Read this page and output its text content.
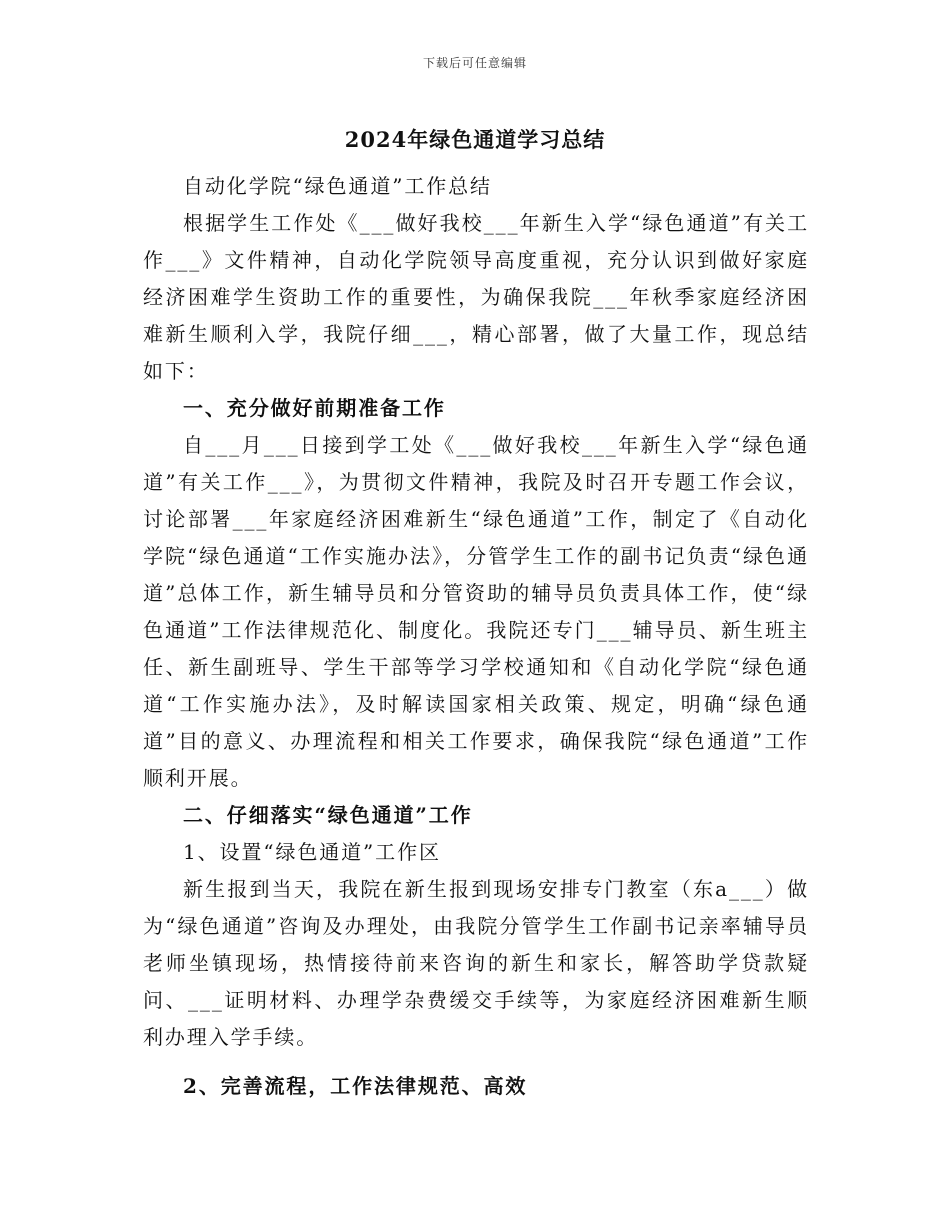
下载后可任意编辑
2024年绿色通道学习总结

自动化学院“绿色通道”工作总结

根据学生工作处《___做好我校___年新生入学“绿色通道”有关工作___》文件精神，自动化学院领导高度重视，充分认识到做好家庭经济困难学生资助工作的重要性，为确保我院___年秋季家庭经济困难新生顺利入学，我院仔细___，精心部署，做了大量工作，现总结如下：

一、充分做好前期准备工作

自___月___日接到学工处《___做好我校___年新生入学“绿色通道”有关工作___》，为贯彻文件精神，我院及时召开专题工作会议，讨论部署___年家庭经济困难新生“绿色通道”工作，制定了《自动化学院“绿色通道“工作实施办法》，分管学生工作的副书记负责“绿色通道”总体工作，新生辅导员和分管资助的辅导员负责具体工作，使“绿色通道”工作法律规范化、制度化。我院还专门___辅导员、新生班主任、新生副班导、学生干部等学习学校通知和《自动化学院“绿色通道“工作实施办法》，及时解读国家相关政策、规定，明确“绿色通道”目的意义、办理流程和相关工作要求，确保我院“绿色通道”工作顺利开展。

二、仔细落实“绿色通道”工作

1、设置“绿色通道”工作区

新生报到当天，我院在新生报到现场安排专门教室（东a___）做为“绿色通道”咨询及办理处，由我院分管学生工作副书记亲率辅导员老师坐镇现场，热情接待前来咨询的新生和家长，解答助学贷款疑问、___证明材料、办理学杂费缓交手续等，为家庭经济困难新生顺利办理入学手续。

2、完善流程，工作法律规范、高效
